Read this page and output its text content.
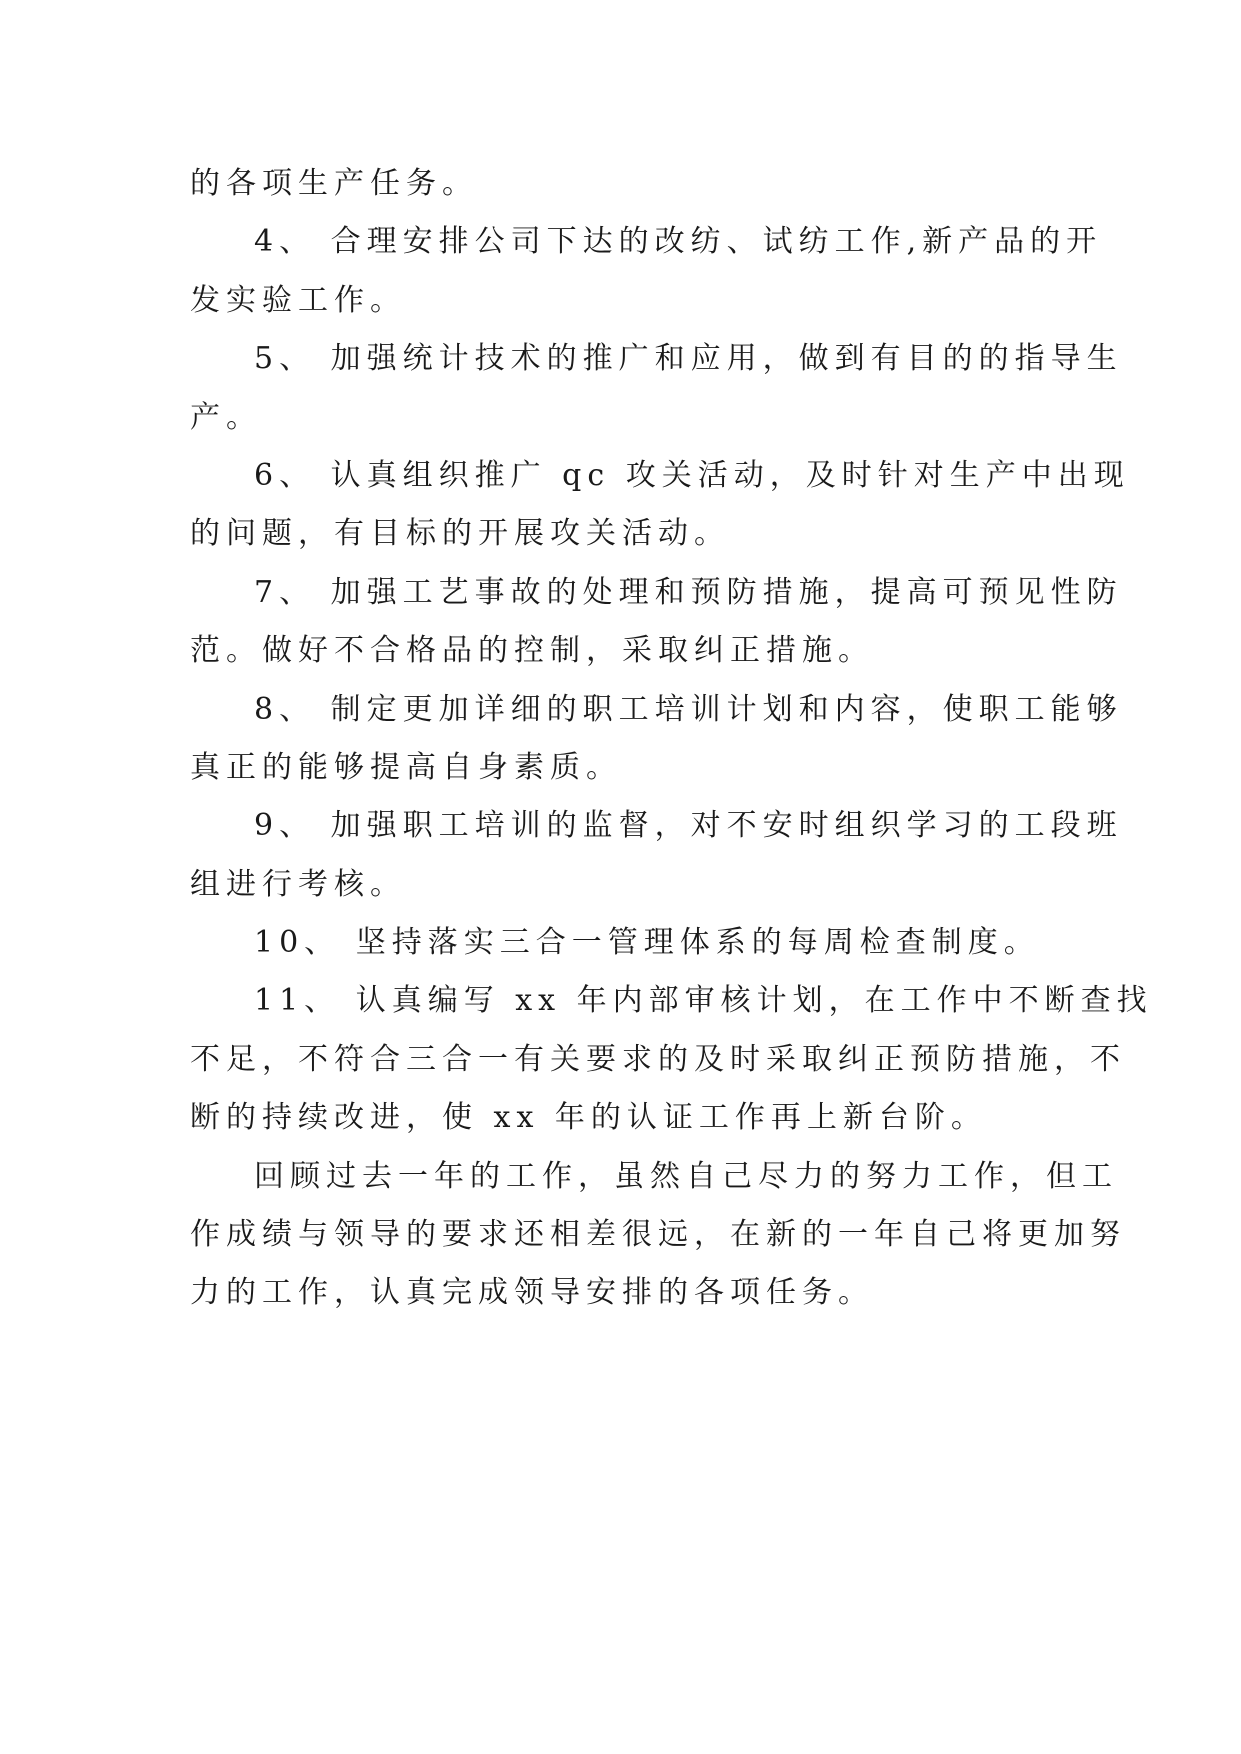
的各项生产任务。
4、 合理安排公司下达的改纺、试纺工作,新产品的开
发实验工作。
5、 加强统计技术的推广和应用，做到有目的的指导生
产。
6、 认真组织推广 qc 攻关活动，及时针对生产中出现
的问题，有目标的开展攻关活动。
7、 加强工艺事故的处理和预防措施，提高可预见性防
范。做好不合格品的控制，采取纠正措施。
8、 制定更加详细的职工培训计划和内容，使职工能够
真正的能够提高自身素质。
9、 加强职工培训的监督，对不安时组织学习的工段班
组进行考核。
10、 坚持落实三合一管理体系的每周检查制度。
11、 认真编写 xx 年内部审核计划，在工作中不断查找
不足，不符合三合一有关要求的及时采取纠正预防措施，不
断的持续改进，使 xx 年的认证工作再上新台阶。
回顾过去一年的工作，虽然自己尽力的努力工作，但工
作成绩与领导的要求还相差很远，在新的一年自己将更加努
力的工作，认真完成领导安排的各项任务。
